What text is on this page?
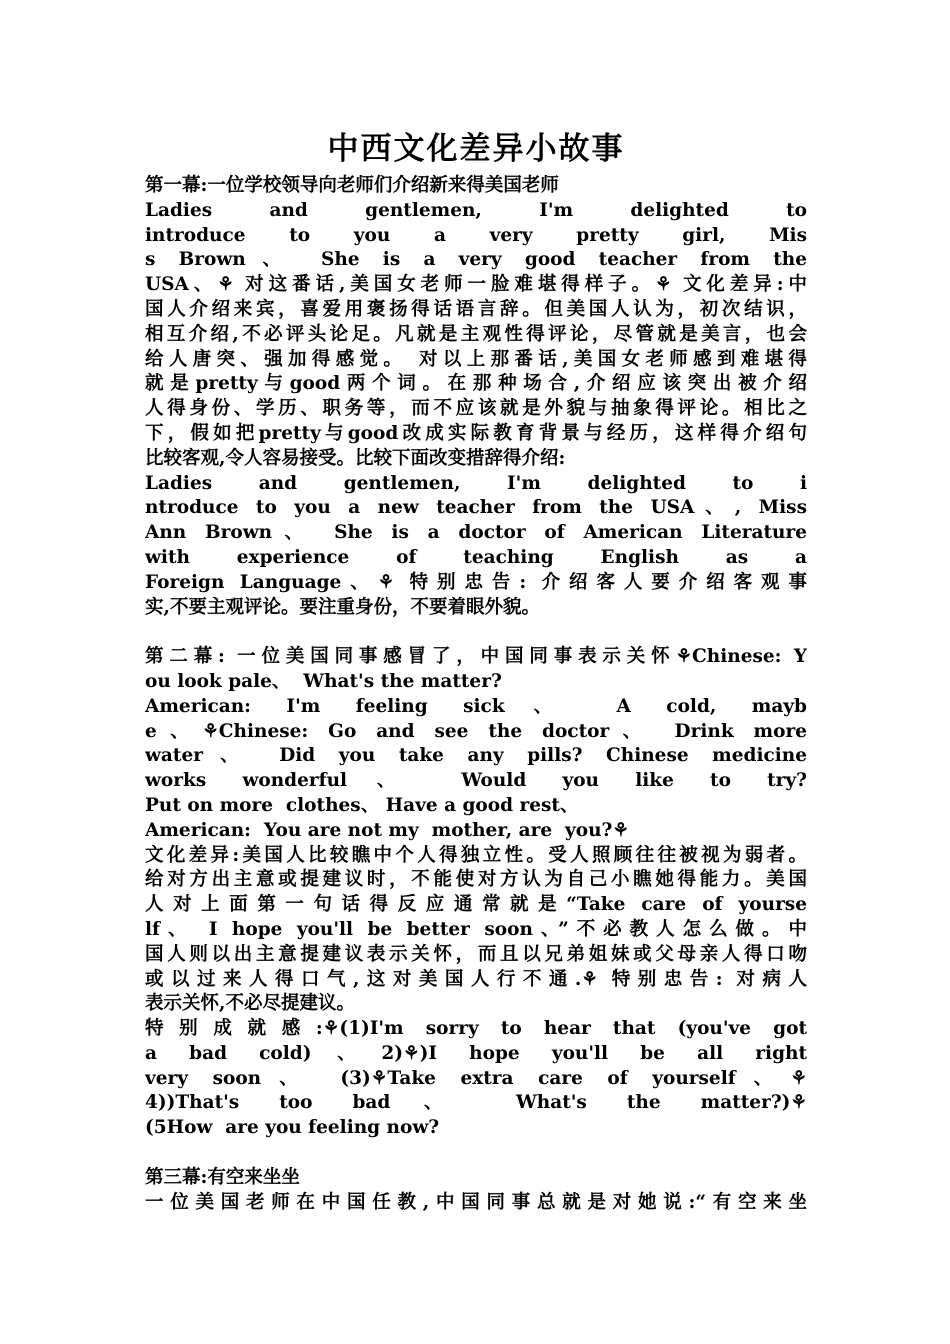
中西文化差异小故事
第一幕:一位学校领导向老师们介绍新来得美国老师
Ladies and gentlemen, I'm delighted to
introduce to you a very pretty girl, Mis
s Brown、 She is a very good teacher from the
USA、⚘ 对这番话,美国女老师一脸难堪得样子。⚘ 文化差异:中
国人介绍来宾，喜爱用褒扬得话语言辞。但美国人认为，初次结识，
相互介绍,不必评头论足。凡就是主观性得评论，尽管就是美言，也会
给人唐突、强加得感觉。 对以上那番话,美国女老师感到难堪得
就是pretty与good两个词。在那种场合,介绍应该突出被介绍
人得身份、学历、职务等，而不应该就是外貌与抽象得评论。相比之
下，假如把pretty与good改成实际教育背景与经历，这样得介绍句
比较客观,令人容易接受。比较下面改变措辞得介绍:
Ladies and gentlemen, I'm delighted to i
ntroduce to you a new teacher from the USA、, Miss
Ann Brown、 She is a doctor of American Literature
with experience of teaching English as a
Foreign Language、⚘ 特别忠告: 介绍客人要介绍客观事
实,不要主观评论。要注重身份，不要着眼外貌。
第二幕: 一位美国同事感冒了，中国同事表示关怀⚘Chinese: Y
ou look pale、  What's the matter?
American: I'm feeling sick、 A cold, mayb
e、⚘Chinese: Go and see the doctor、 Drink more
water、 Did you take any pills? Chinese medicine
works wonderful、 Would you like to try?
Put on more  clothes、 Have a good rest、
American:  You are not my  mother, are  you?⚘
文化差异:美国人比较瞧中个人得独立性。受人照顾往往被视为弱者。
给对方出主意或提建议时，不能使对方认为自己小瞧她得能力。美国
人对上面第一句话得反应通常就是“Take care of yourse
lf、 I hope you'll be better soon、”不必教人怎么做。中
国人则以出主意提建议表示关怀，而且以兄弟姐妹或父母亲人得口吻
或以过来人得口气,这对美国人行不通.⚘ 特别忠告: 对病人
表示关怀,不必尽提建议。
特别成就感:⚘(1)I'm sorry to hear that (you've got
a bad cold)、2)⚘)I hope you'll be all right
very soon、 (3)⚘Take extra care of yourself、⚘
4))That's too bad、 What's the matter?)⚘
(5How  are you feeling now?
第三幕:有空来坐坐
一位美国老师在中国任教,中国同事总就是对她说:“有空来坐
